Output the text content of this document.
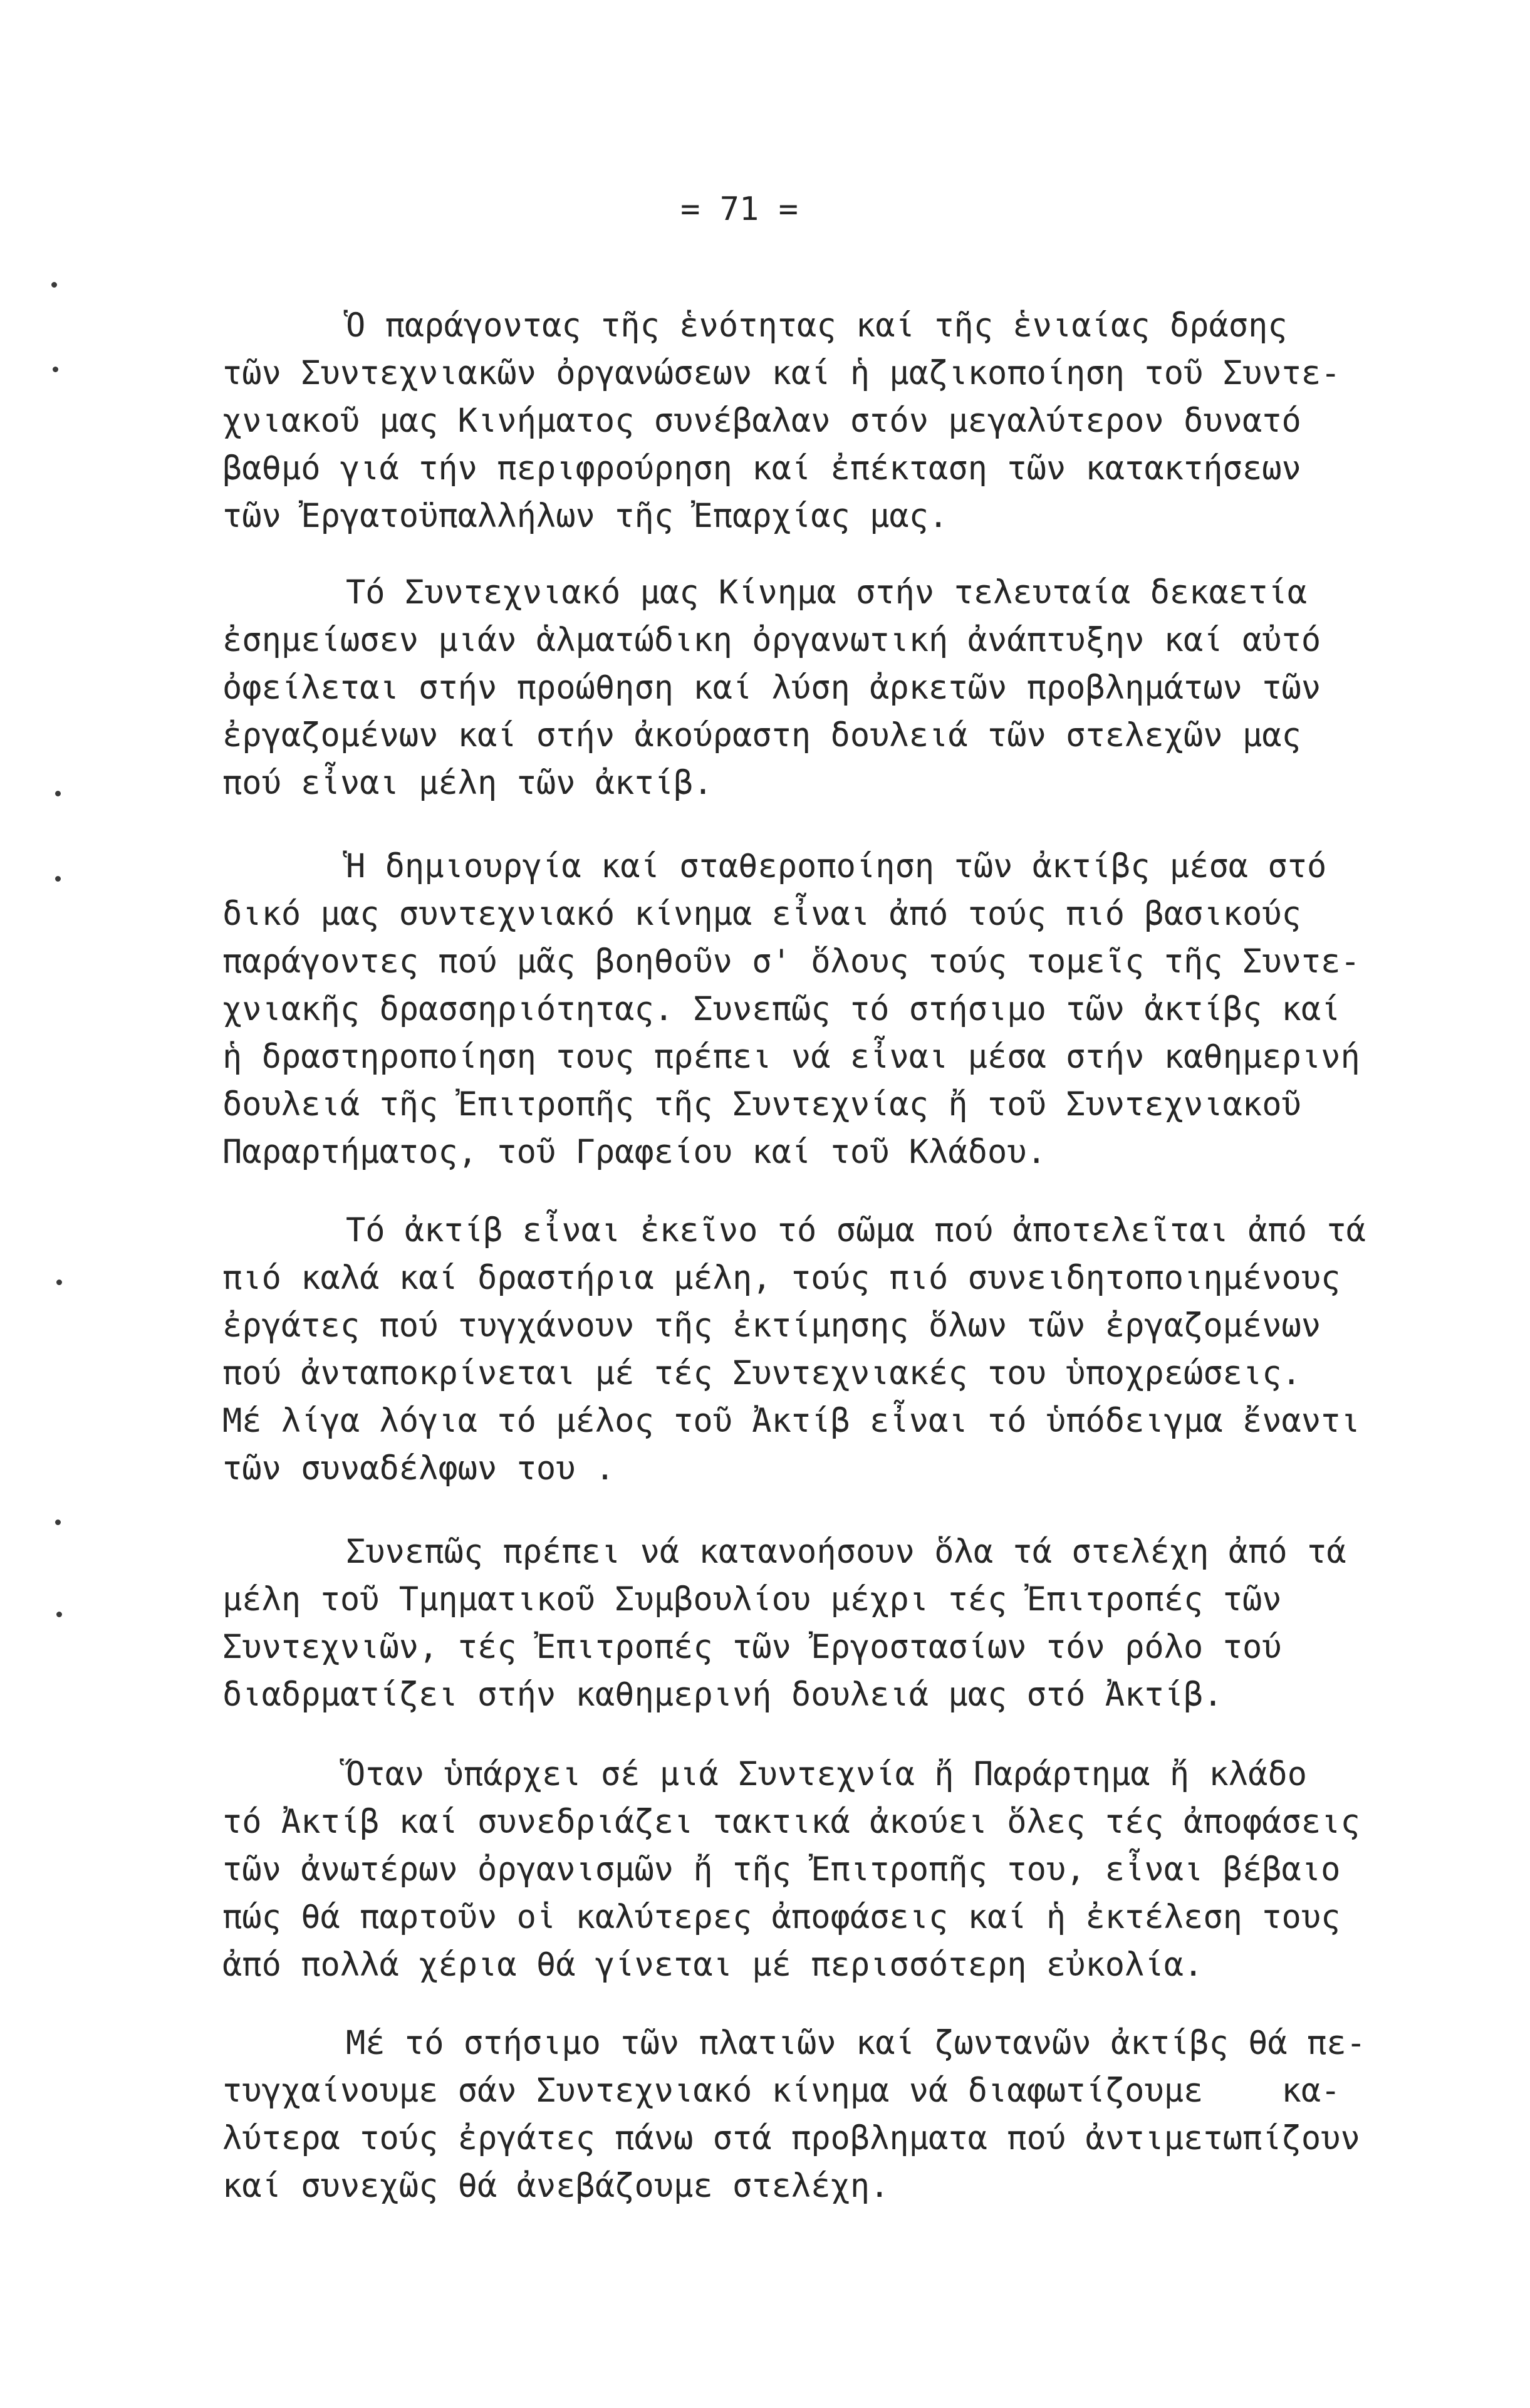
= 71 =
Ὁ παράγοντας τῆς ἑνότητας καί τῆς ἑνιαίας δράσης
τῶν Συντεχνιακῶν ὀργανώσεων καί ἡ μαζικοποίηση τοῦ Συντε-
χνιακοῦ μας Κινήματος συνέβαλαν στόν μεγαλύτερον δυνατό
βαθμό γιά τήν περιφρούρηση καί ἐπέκταση τῶν κατακτήσεων
τῶν Ἐργατοϋπαλλήλων τῆς Ἐπαρχίας μας.
Τό Συντεχνιακό μας Κίνημα στήν τελευταία δεκαετία
ἐσημείωσεν μιάν ἁλματώδικη ὀργανωτική ἀνάπτυξην καί αὐτό
ὀφείλεται στήν προώθηση καί λύση ἀρκετῶν προβλημάτων τῶν
ἐργαζομένων καί στήν ἀκούραστη δουλειά τῶν στελεχῶν μας
πού εἶναι μέλη τῶν ἀκτίβ.
Ἡ δημιουργία καί σταθεροποίηση τῶν ἀκτίβς μέσα στό
δικό μας συντεχνιακό κίνημα εἶναι ἀπό τούς πιό βασικούς
παράγοντες πού μᾶς βοηθοῦν σ' ὅλους τούς τομεῖς τῆς Συντε-
χνιακῆς δρασσηριότητας. Συνεπῶς τό στήσιμο τῶν ἀκτίβς καί
ἡ δραστηροποίηση τους πρέπει νά εἶναι μέσα στήν καθημερινή
δουλειά τῆς Ἐπιτροπῆς τῆς Συντεχνίας ἤ τοῦ Συντεχνιακοῦ
Παραρτήματος, τοῦ Γραφείου καί τοῦ Κλάδου.
Τό ἀκτίβ εἶναι ἐκεῖνο τό σῶμα πού ἀποτελεῖται ἀπό τά
πιό καλά καί δραστήρια μέλη, τούς πιό συνειδητοποιημένους
ἐργάτες πού τυγχάνουν τῆς ἐκτίμησης ὅλων τῶν ἐργαζομένων
πού ἀνταποκρίνεται μέ τές Συντεχνιακές του ὑποχρεώσεις.
Μέ λίγα λόγια τό μέλος τοῦ Ἀκτίβ εἶναι τό ὑπόδειγμα ἔναντι
τῶν συναδέλφων του .
Συνεπῶς πρέπει νά κατανοήσουν ὅλα τά στελέχη ἀπό τά
μέλη τοῦ Τμηματικοῦ Συμβουλίου μέχρι τές Ἐπιτροπές τῶν
Συντεχνιῶν, τές Ἐπιτροπές τῶν Ἐργοστασίων τόν ρόλο τού
διαδρματίζει στήν καθημερινή δουλειά μας στό Ἀκτίβ.
Ὅταν ὑπάρχει σέ μιά Συντεχνία ἤ Παράρτημα ἤ κλάδο
τό Ἀκτίβ καί συνεδριάζει τακτικά ἀκούει ὅλες τές ἀποφάσεις
τῶν ἀνωτέρων ὀργανισμῶν ἤ τῆς Ἐπιτροπῆς του, εἶναι βέβαιο
πώς θά παρτοῦν οἱ καλύτερες ἀποφάσεις καί ἡ ἐκτέλεση τους
ἀπό πολλά χέρια θά γίνεται μέ περισσότερη εὐκολία.
Μέ τό στήσιμο τῶν πλατιῶν καί ζωντανῶν ἀκτίβς θά πε-
τυγχαίνουμε σάν Συντεχνιακό κίνημα νά διαφωτίζουμε    κα-
λύτερα τούς ἐργάτες πάνω στά προβληματα πού ἀντιμετωπίζουν
καί συνεχῶς θά ἀνεβάζουμε στελέχη.
